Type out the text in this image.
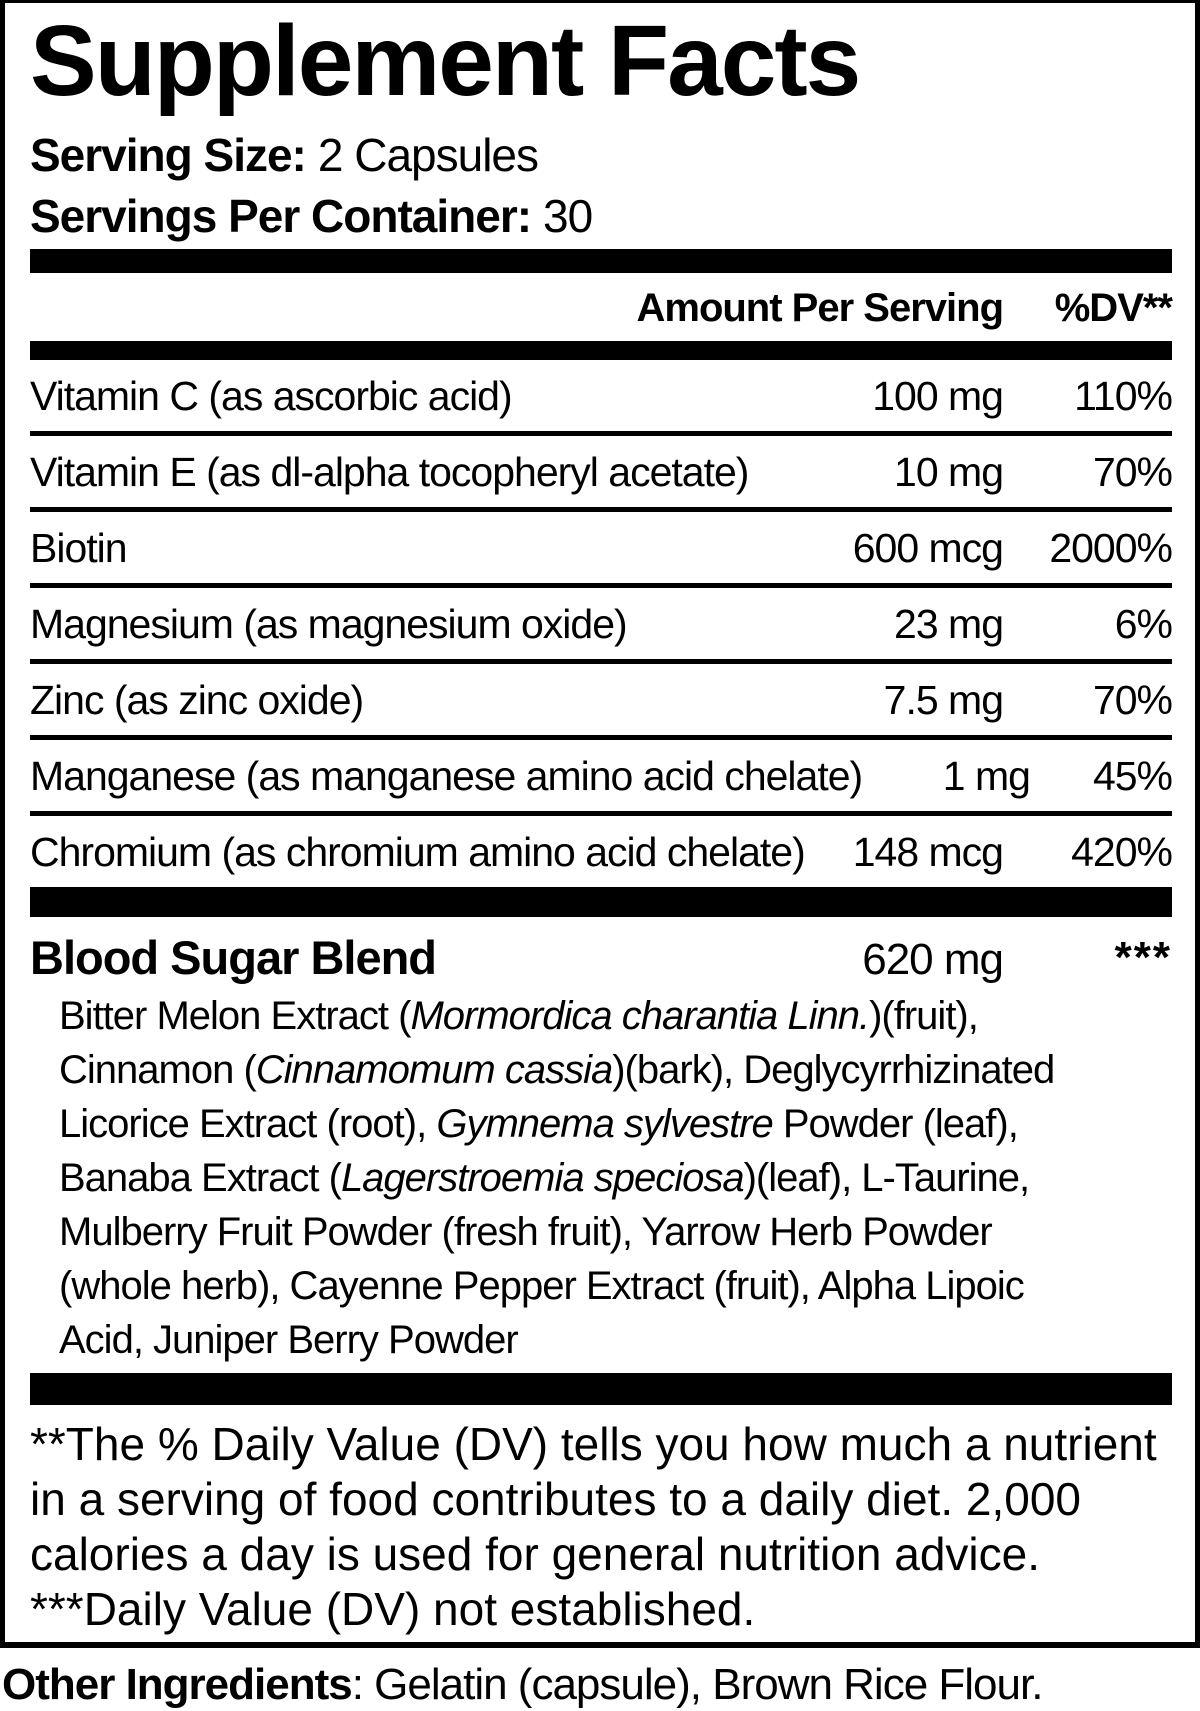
Supplement Facts
Serving Size: 2 Capsules
Servings Per Container: 30
Amount Per Serving	%DV**
Vitamin C (as ascorbic acid)	100 mg	110%
Vitamin E (as dl-alpha tocopheryl acetate)	10 mg	70%
Biotin	600 mcg	2000%
Magnesium (as magnesium oxide)	23 mg	6%
Zinc (as zinc oxide)	7.5 mg	70%
Manganese (as manganese amino acid chelate)	1 mg	45%
Chromium (as chromium amino acid chelate)	148 mcg	420%
Blood Sugar Blend	620 mg	***
Bitter Melon Extract (Mormordica charantia Linn.)(fruit), Cinnamon (Cinnamomum cassia)(bark), Deglycyrrhizinated Licorice Extract (root), Gymnema sylvestre Powder (leaf), Banaba Extract (Lagerstroemia speciosa)(leaf), L-Taurine, Mulberry Fruit Powder (fresh fruit), Yarrow Herb Powder (whole herb), Cayenne Pepper Extract (fruit), Alpha Lipoic Acid, Juniper Berry Powder

**The % Daily Value (DV) tells you how much a nutrient in a serving of food contributes to a daily diet. 2,000 calories a day is used for general nutrition advice.

***Daily Value (DV) not established.

Other Ingredients: Gelatin (capsule), Brown Rice Flour.
